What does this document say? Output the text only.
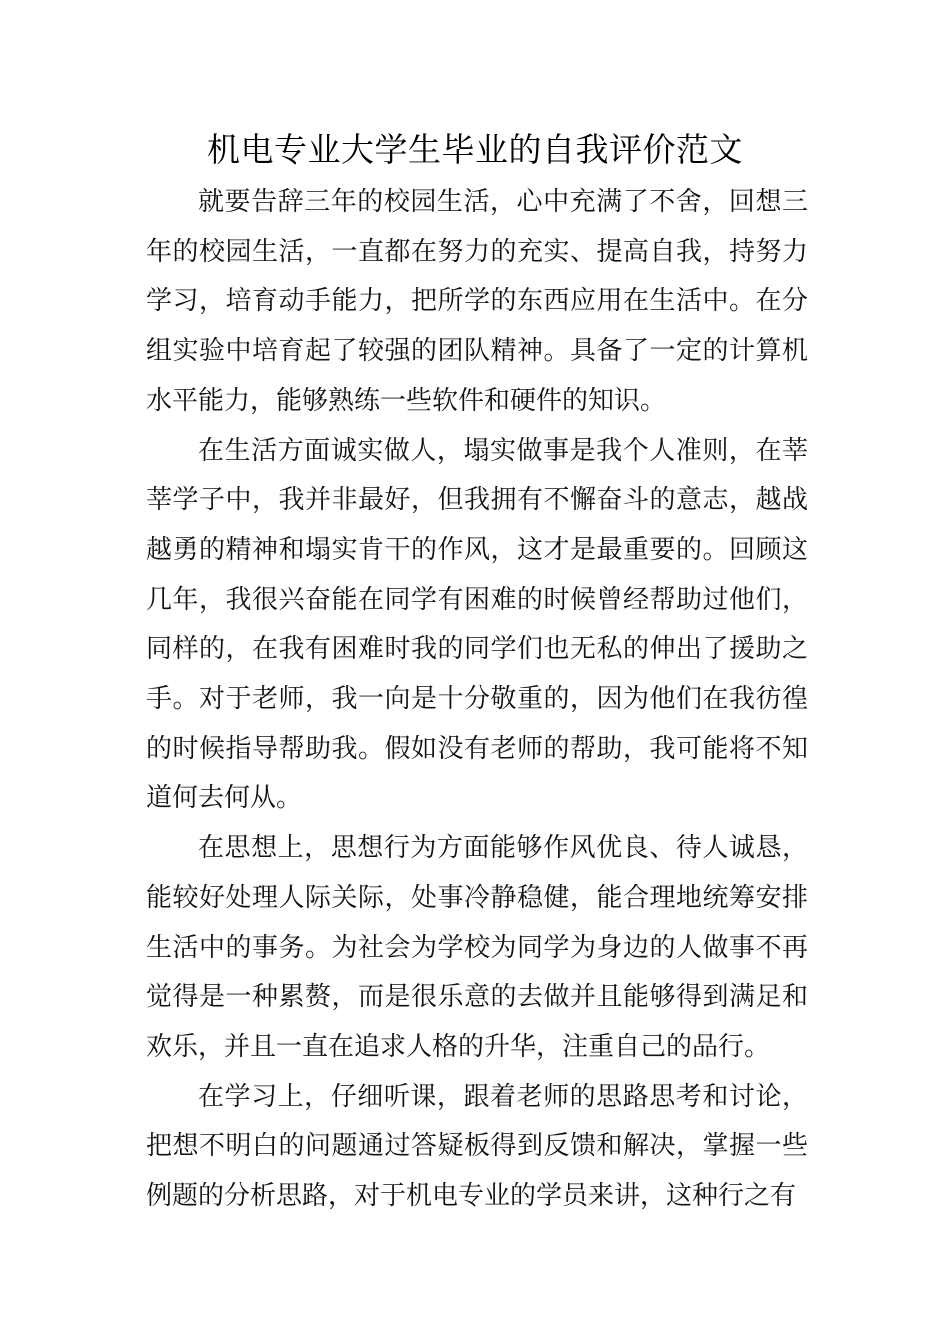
机电专业大学生毕业的自我评价范文

就要告辞三年的校园生活，心中充满了不舍，回想三年的校园生活，一直都在努力的充实、提高自我，持努力学习，培育动手能力，把所学的东西应用在生活中。在分组实验中培育起了较强的团队精神。具备了一定的计算机水平能力，能够熟练一些软件和硬件的知识。

在生活方面诚实做人，塌实做事是我个人准则，在莘莘学子中，我并非最好，但我拥有不懈奋斗的意志，越战越勇的精神和塌实肯干的作风，这才是最重要的。回顾这几年，我很兴奋能在同学有困难的时候曾经帮助过他们，同样的，在我有困难时我的同学们也无私的伸出了援助之手。对于老师，我一向是十分敬重的，因为他们在我彷徨的时候指导帮助我。假如没有老师的帮助，我可能将不知道何去何从。

在思想上，思想行为方面能够作风优良、待人诚恳，能较好处理人际关际，处事冷静稳健，能合理地统筹安排生活中的事务。为社会为学校为同学为身边的人做事不再觉得是一种累赘，而是很乐意的去做并且能够得到满足和欢乐，并且一直在追求人格的升华，注重自己的品行。

在学习上，仔细听课，跟着老师的思路思考和讨论，把想不明白的问题通过答疑板得到反馈和解决，掌握一些例题的分析思路，对于机电专业的学员来讲，这种行之有
